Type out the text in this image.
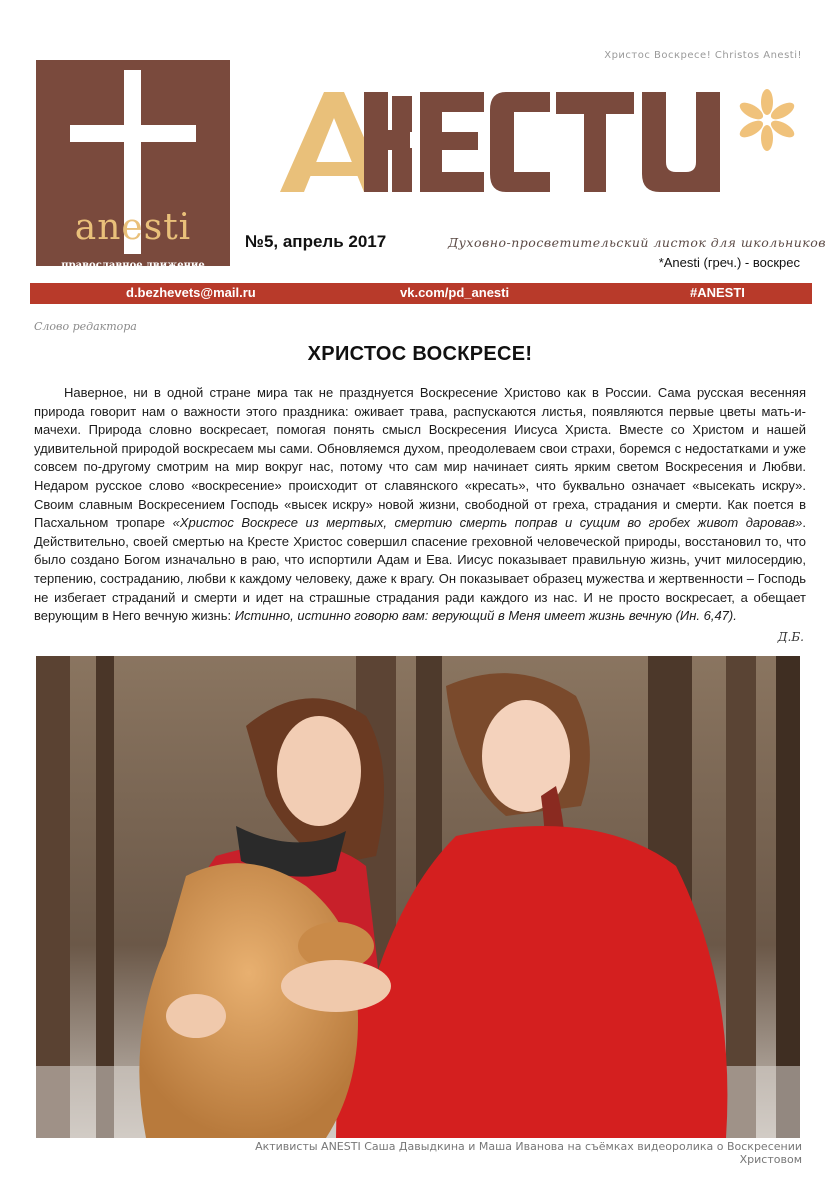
Христос Воскресе! Christos Anesti!
anesti
православное движение
АНЕСТИ
№5, апрель 2017	Духовно-просветительский листок для школьников
*Anesti (греч.) - воскрес
d.bezhevets@mail.ru	vk.com/pd_anesti	#ANESTI
Слово редактора
ХРИСТОС ВОСКРЕСЕ!
Наверное, ни в одной стране мира так не празднуется Воскресение Христово как в России. Сама русская весенняя природа говорит нам о важности этого праздника: оживает трава, распускаются листья, появляются первые цветы мать-и-мачехи. Природа словно воскресает, помогая понять смысл Воскресения Иисуса Христа. Вместе со Христом и нашей удивительной природой воскресаем мы сами. Обновляемся духом, преодолеваем свои страхи, боремся с недостатками и уже совсем по-другому смотрим на мир вокруг нас, потому что сам мир начинает сиять ярким светом Воскресения и Любви. Недаром русское слово «воскресение» происходит от славянского «кресать», что буквально означает «высекать искру». Своим славным Воскресением Господь «высек искру» новой жизни, свободной от греха, страдания и смерти. Как поется в Пасхальном тропаре «Христос Воскресе из мертвых, смертию смерть поправ и сущим во гробех живот даровав». Действительно, своей смертью на Кресте Христос совершил спасение греховной человеческой природы, восстановил то, что было создано Богом изначально в раю, что испортили Адам и Ева. Иисус показывает правильную жизнь, учит милосердию, терпению, состраданию, любви к каждому человеку, даже к врагу. Он показывает образец мужества и жертвенности – Господь не избегает страданий и смерти и идет на страшные страдания ради каждого из нас. И не просто воскресает, а обещает верующим в Него вечную жизнь: Истинно, истинно говорю вам: верующий в Меня имеет жизнь вечную (Ин. 6,47).
Д.Б.
Активисты ANESTI Саша Давыдкина и Маша Иванова на съёмках видеоролика о Воскресении Христовом
